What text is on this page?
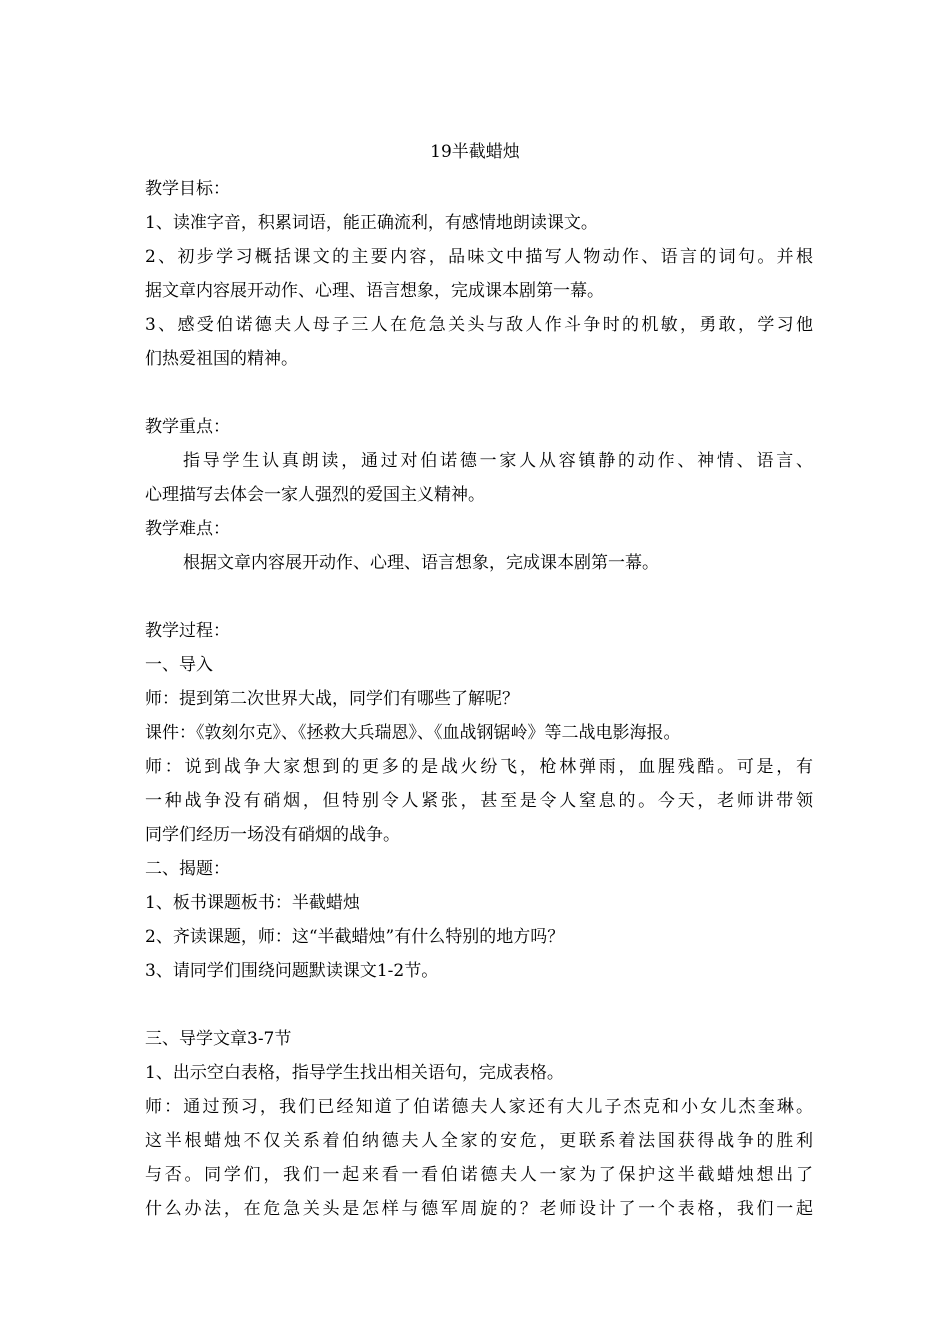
19半截蜡烛
教学目标：
1、读准字音，积累词语，能正确流利，有感情地朗读课文。
2、初步学习概括课文的主要内容，品味文中描写人物动作、语言的词句。并根
据文章内容展开动作、心理、语言想象，完成课本剧第一幕。
3、感受伯诺德夫人母子三人在危急关头与敌人作斗争时的机敏，勇敢，学习他
们热爱祖国的精神。
教学重点：
指导学生认真朗读，通过对伯诺德一家人从容镇静的动作、神情、语言、
心理描写去体会一家人强烈的爱国主义精神。
教学难点：
根据文章内容展开动作、心理、语言想象，完成课本剧第一幕。
教学过程：
一、导入
师：提到第二次世界大战，同学们有哪些了解呢？
课件：《敦刻尔克》、《拯救大兵瑞恩》、《血战钢锯岭》等二战电影海报。
师：说到战争大家想到的更多的是战火纷飞，枪林弹雨，血腥残酷。可是，有
一种战争没有硝烟，但特别令人紧张，甚至是令人窒息的。今天，老师讲带领
同学们经历一场没有硝烟的战争。
二、揭题：
1、板书课题板书：半截蜡烛
2、齐读课题，师：这“半截蜡烛”有什么特别的地方吗？
3、请同学们围绕问题默读课文1-2节。
三、导学文章3-7节
1、出示空白表格，指导学生找出相关语句，完成表格。
师：通过预习，我们已经知道了伯诺德夫人家还有大儿子杰克和小女儿杰奎琳。
这半根蜡烛不仅关系着伯纳德夫人全家的安危，更联系着法国获得战争的胜利
与否。同学们，我们一起来看一看伯诺德夫人一家为了保护这半截蜡烛想出了
什么办法，在危急关头是怎样与德军周旋的？老师设计了一个表格，我们一起
